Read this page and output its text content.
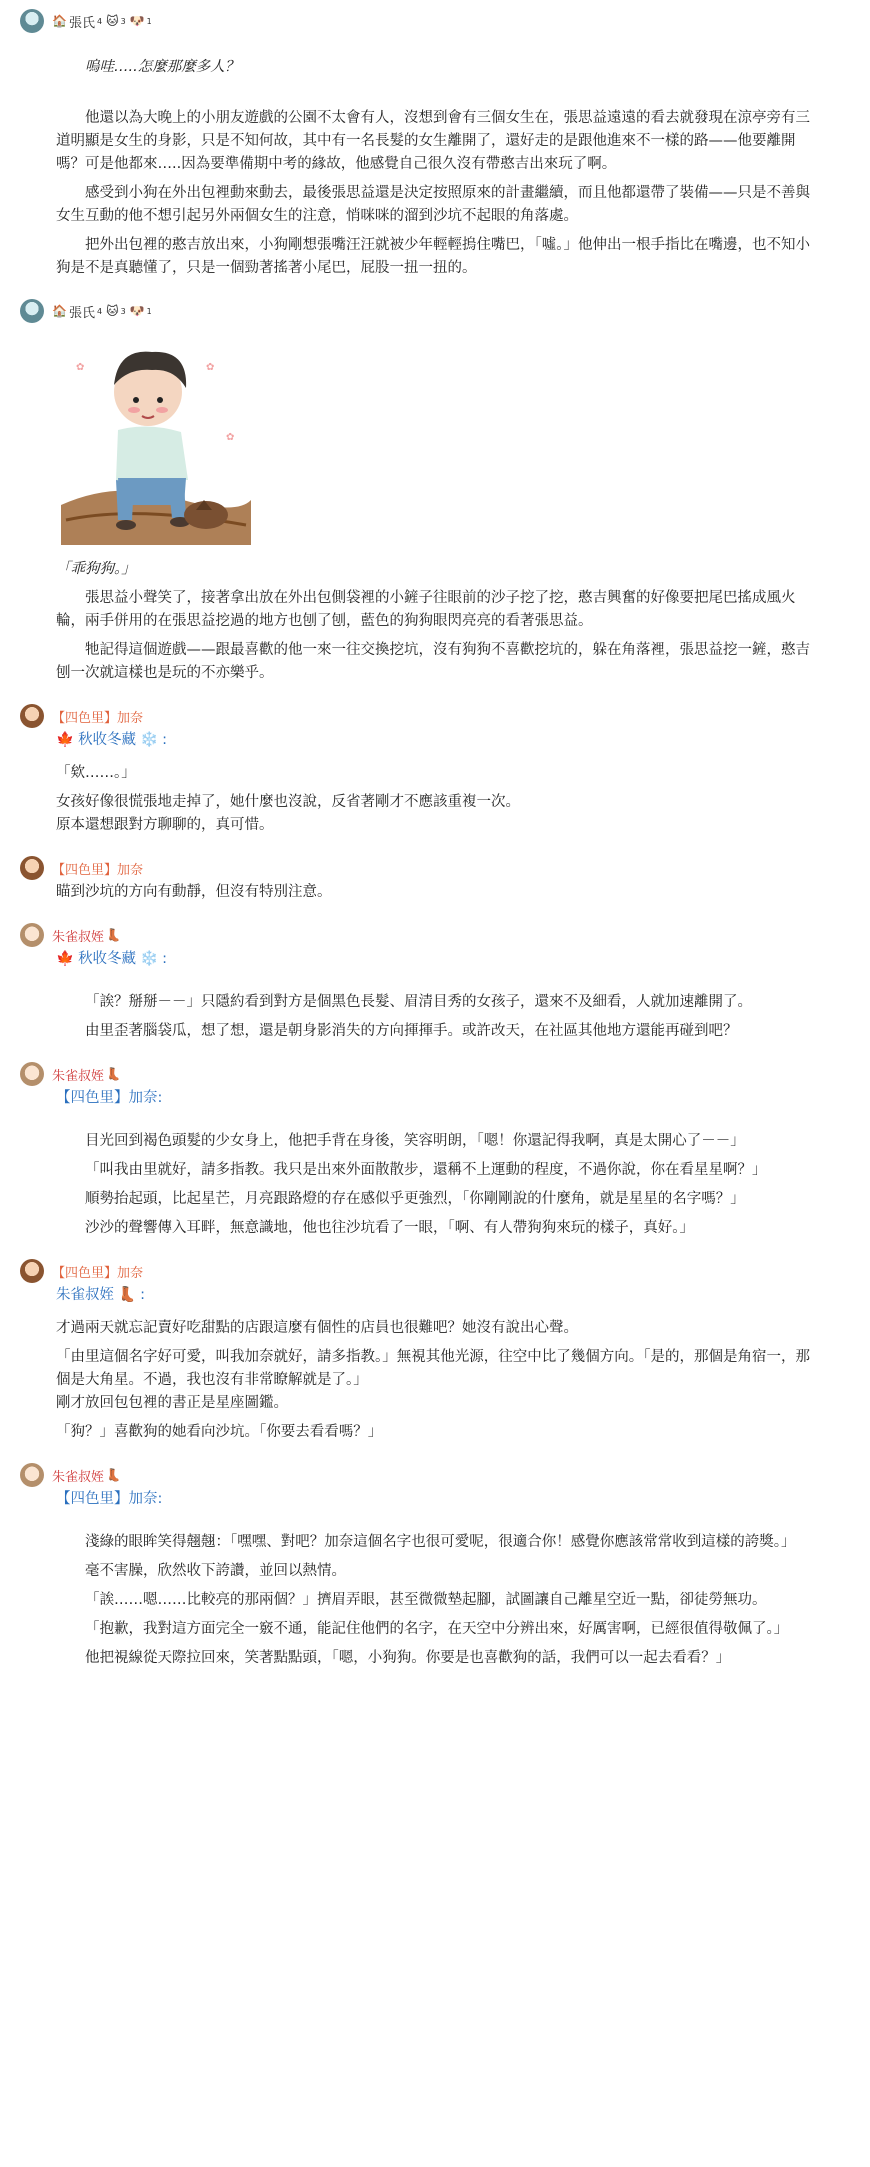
🏠 張氏 4 🐱 3 🐶 1

嗚哇…..怎麼那麼多人？

他還以為大晚上的小朋友遊戲的公園不太會有人，沒想到會有三個女生在，張思益遠遠的看去就發現在涼亭旁有三道明顯是女生的身影，只是不知何故，其中有一名長髮的女生離開了，還好走的是跟他進來不一樣的路——他要離開嗎？可是他都來…..因為要準備期中考的緣故，他感覺自己很久沒有帶憨吉出來玩了啊。

感受到小狗在外出包裡動來動去，最後張思益還是決定按照原來的計畫繼續，而且他都還帶了裝備——只是不善與女生互動的他不想引起另外兩個女生的注意，悄咪咪的溜到沙坑不起眼的角落處。

把外出包裡的憨吉放出來，小狗剛想張嘴汪汪就被少年輕輕摀住嘴巴，「噓。」他伸出一根手指比在嘴邊，也不知小狗是不是真聽懂了，只是一個勁著搖著小尾巴，屁股一扭一扭的。

🏠 張氏 4 🐱 3 🐶 1
✿	✿
✿

「乖狗狗。」

張思益小聲笑了，接著拿出放在外出包側袋裡的小鏟子往眼前的沙子挖了挖，憨吉興奮的好像要把尾巴搖成風火輪，兩手併用的在張思益挖過的地方也刨了刨，藍色的狗狗眼閃亮亮的看著張思益。

牠記得這個遊戲——跟最喜歡的他一來一往交換挖坑，沒有狗狗不喜歡挖坑的，躲在角落裡，張思益挖一鏟，憨吉刨一次就這樣也是玩的不亦樂乎。

【四色里】加奈
🍁 秋收冬藏 ❄️ :

「欸……。」

女孩好像很慌張地走掉了，她什麼也沒說，反省著剛才不應該重複一次。

原本還想跟對方聊聊的，真可惜。

【四色里】加奈

瞄到沙坑的方向有動靜，但沒有特別注意。

朱雀叔姪 👢
🍁 秋收冬藏 ❄️ :

「誒？掰掰－－」只隱約看到對方是個黑色長髮、眉清目秀的女孩子，還來不及細看，人就加速離開了。

由里歪著腦袋瓜，想了想，還是朝身影消失的方向揮揮手。或許改天，在社區其他地方還能再碰到吧？

朱雀叔姪 👢
【四色里】加奈:

目光回到褐色頭髮的少女身上，他把手背在身後，笑容明朗，「嗯！你還記得我啊，真是太開心了－－」

「叫我由里就好，請多指教。我只是出來外面散散步，還稱不上運動的程度，不過你說，你在看星星啊？」

順勢抬起頭，比起星芒，月亮跟路燈的存在感似乎更強烈，「你剛剛說的什麼角，就是星星的名字嗎？」

沙沙的聲響傳入耳畔，無意識地，他也往沙坑看了一眼，「啊、有人帶狗狗來玩的樣子，真好。」

【四色里】加奈
朱雀叔姪 👢 :

才過兩天就忘記賣好吃甜點的店跟這麼有個性的店員也很難吧？她沒有說出心聲。

「由里這個名字好可愛，叫我加奈就好，請多指教。」無視其他光源，往空中比了幾個方向。「是的，那個是角宿一，那個是大角星。不過，我也沒有非常瞭解就是了。」

剛才放回包包裡的書正是星座圖鑑。

「狗？」喜歡狗的她看向沙坑。「你要去看看嗎？」

朱雀叔姪 👢
【四色里】加奈:

淺綠的眼眸笑得翹翹：「嘿嘿、對吧？加奈這個名字也很可愛呢，很適合你！感覺你應該常常收到這樣的誇獎。」

毫不害臊，欣然收下誇讚，並回以熱情。

「誒……嗯……比較亮的那兩個？」擠眉弄眼，甚至微微墊起腳，試圖讓自己離星空近一點，卻徒勞無功。

「抱歉，我對這方面完全一竅不通，能記住他們的名字，在天空中分辨出來，好厲害啊，已經很值得敬佩了。」

他把視線從天際拉回來，笑著點點頭，「嗯，小狗狗。你要是也喜歡狗的話，我們可以一起去看看？」
